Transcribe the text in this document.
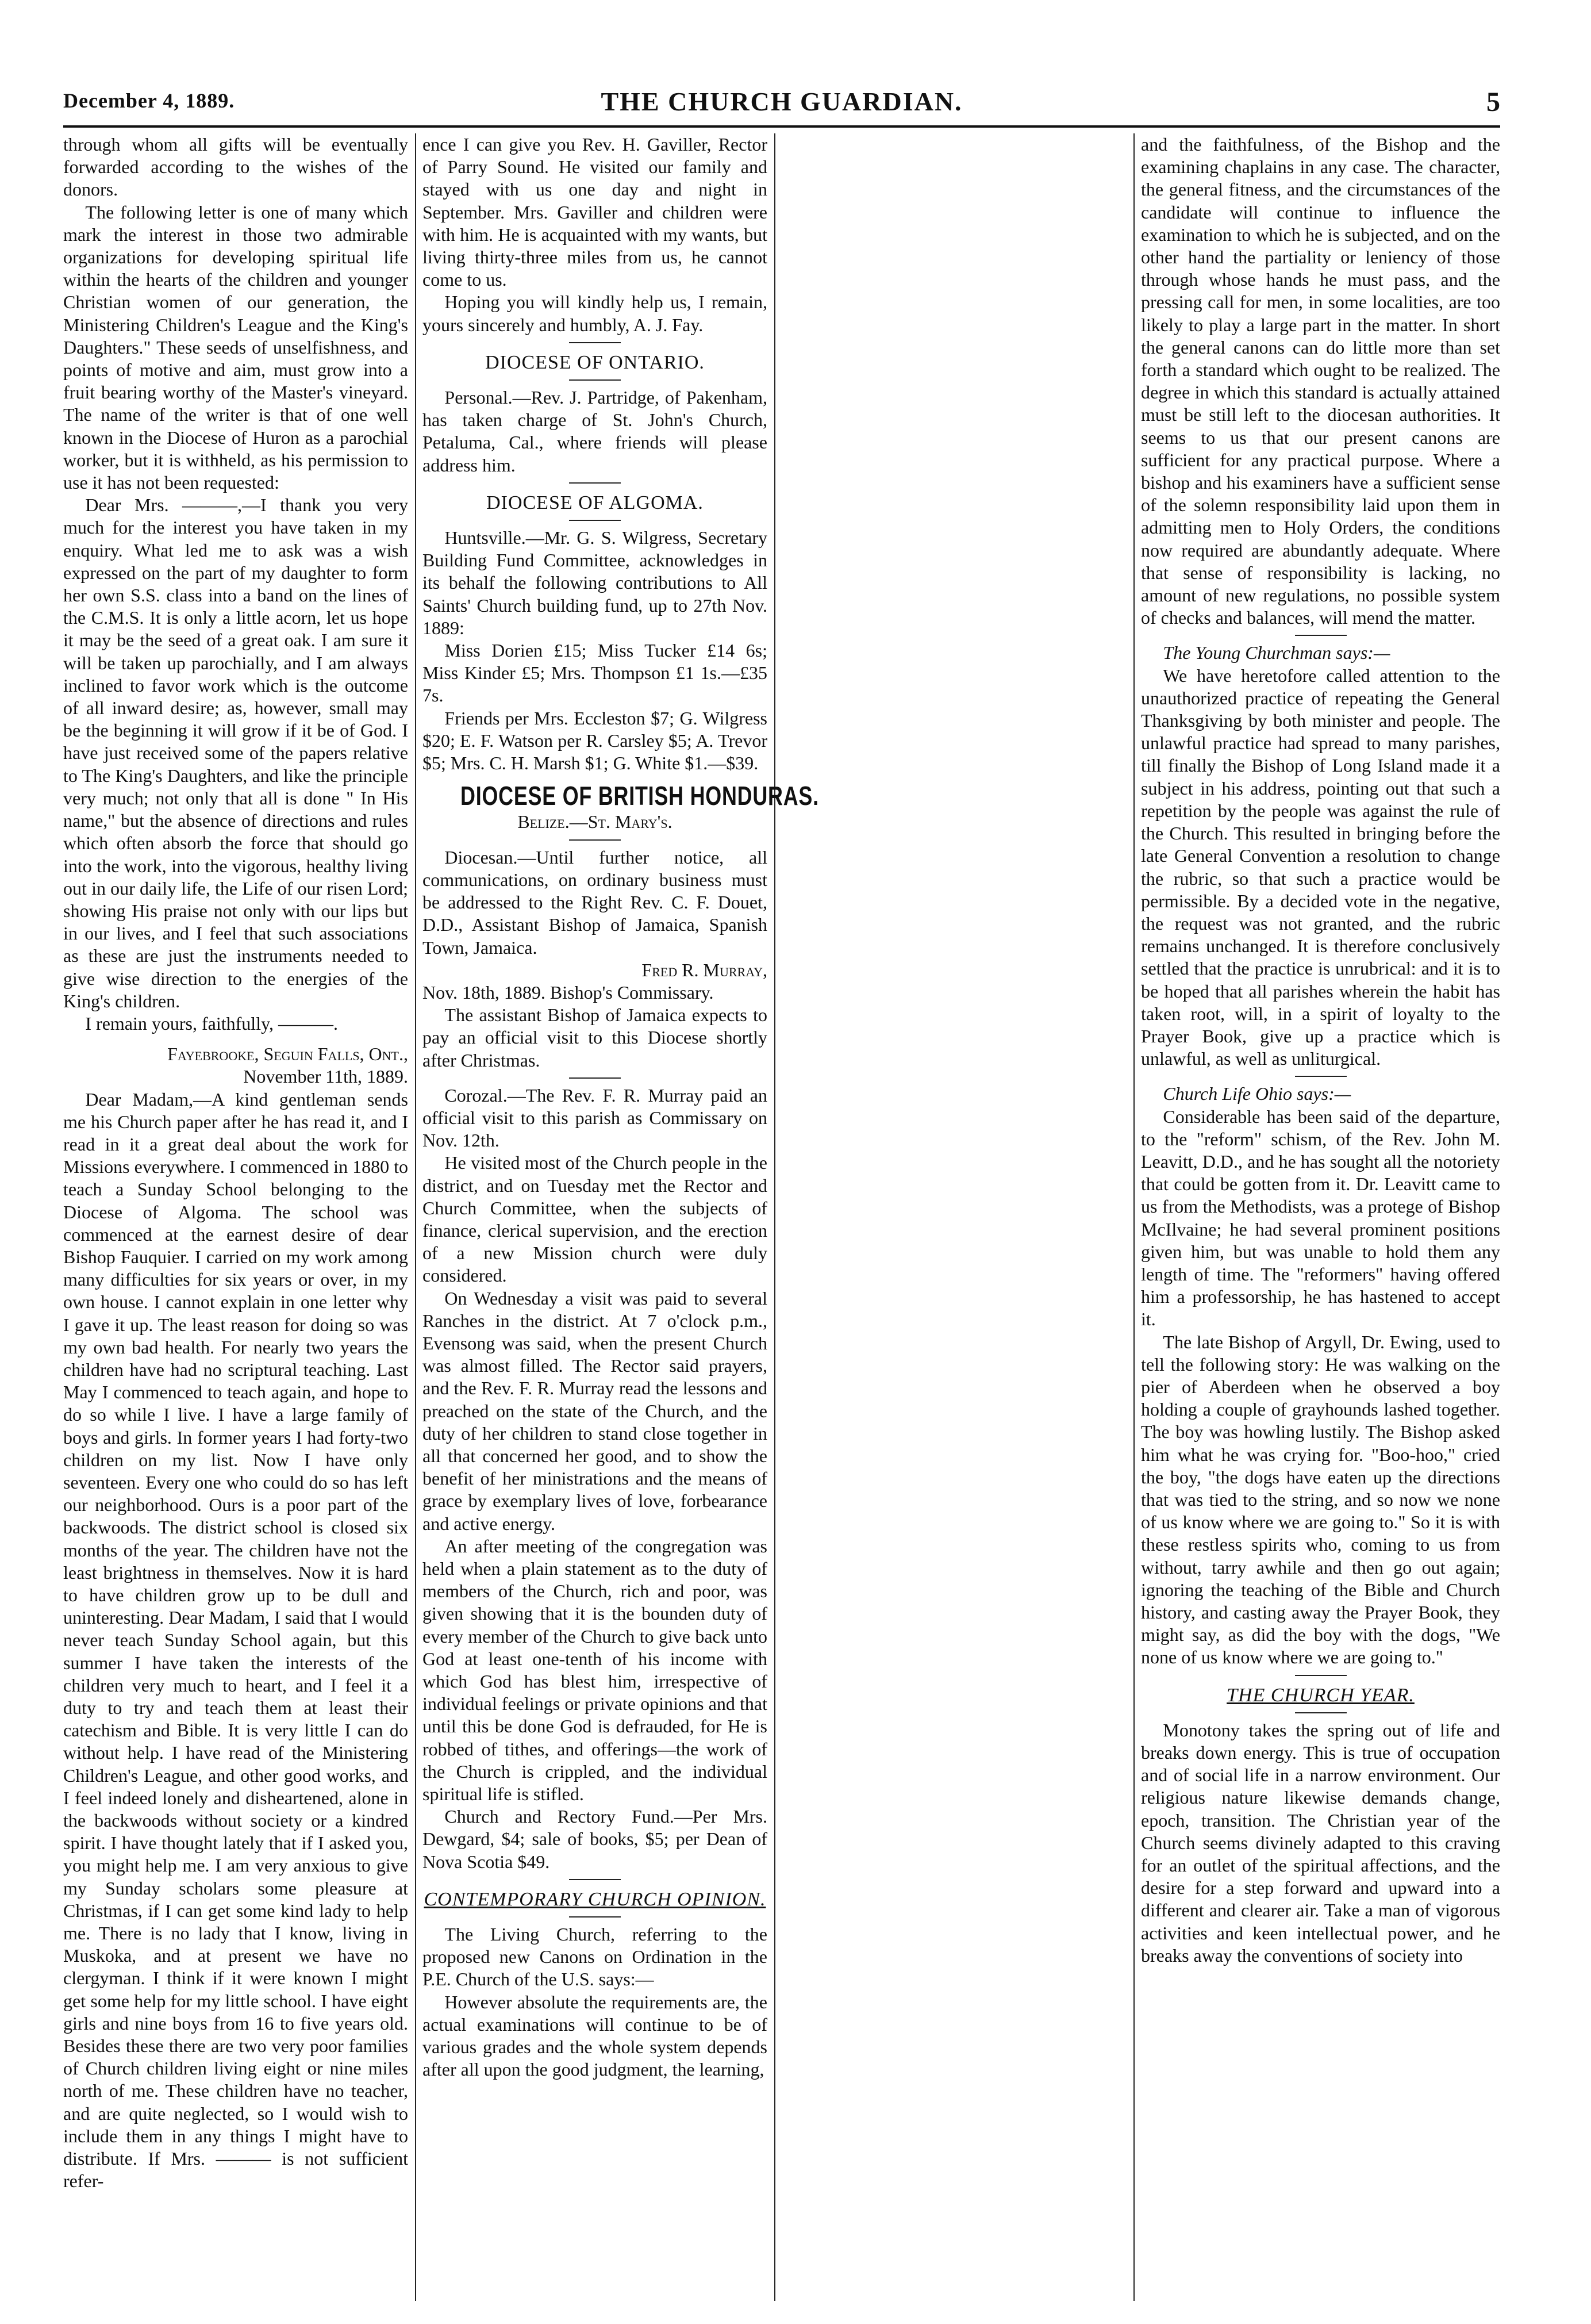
December 4, 1889.	THE CHURCH GUARDIAN.	5

through whom all gifts will be eventually forwarded according to the wishes of the donors.

The following letter is one of many which mark the interest in those two admirable organizations for developing spiritual life within the hearts of the children and younger Christian women of our generation, the Ministering Children's League and the King's Daughters." These seeds of unselfishness, and points of motive and aim, must grow into a fruit bearing worthy of the Master's vineyard. The name of the writer is that of one well known in the Diocese of Huron as a parochial worker, but it is withheld, as his permission to use it has not been requested:

Dear Mrs. ———,—I thank you very much for the interest you have taken in my enquiry. What led me to ask was a wish expressed on the part of my daughter to form her own S.S. class into a band on the lines of the C.M.S. It is only a little acorn, let us hope it may be the seed of a great oak. I am sure it will be taken up parochially, and I am always inclined to favor work which is the outcome of all inward desire; as, however, small may be the beginning it will grow if it be of God. I have just received some of the papers relative to The King's Daughters, and like the principle very much; not only that all is done " In His name," but the absence of directions and rules which often absorb the force that should go into the work, into the vigorous, healthy living out in our daily life, the Life of our risen Lord; showing His praise not only with our lips but in our lives, and I feel that such associations as these are just the instruments needed to give wise direction to the energies of the King's children.

I remain yours, faithfully, ———.

Fayebrooke, Seguin Falls, Ont.,

November 11th, 1889.

Dear Madam,—A kind gentleman sends me his Church paper after he has read it, and I read in it a great deal about the work for Missions everywhere. I commenced in 1880 to teach a Sunday School belonging to the Diocese of Algoma. The school was commenced at the earnest desire of dear Bishop Fauquier. I carried on my work among many difficulties for six years or over, in my own house. I cannot explain in one letter why I gave it up. The least reason for doing so was my own bad health. For nearly two years the children have had no scriptural teaching. Last May I commenced to teach again, and hope to do so while I live. I have a large family of boys and girls. In former years I had forty-two children on my list. Now I have only seventeen. Every one who could do so has left our neighborhood. Ours is a poor part of the backwoods. The district school is closed six months of the year. The children have not the least brightness in themselves. Now it is hard to have children grow up to be dull and uninteresting. Dear Madam, I said that I would never teach Sunday School again, but this summer I have taken the interests of the children very much to heart, and I feel it a duty to try and teach them at least their catechism and Bible. It is very little I can do without help. I have read of the Ministering Children's League, and other good works, and I feel indeed lonely and disheartened, alone in the backwoods without society or a kindred spirit. I have thought lately that if I asked you, you might help me. I am very anxious to give my Sunday scholars some pleasure at Christmas, if I can get some kind lady to help me. There is no lady that I know, living in Muskoka, and at present we have no clergyman. I think if it were known I might get some help for my little school. I have eight girls and nine boys from 16 to five years old. Besides these there are two very poor families of Church children living eight or nine miles north of me. These children have no teacher, and are quite neglected, so I would wish to include them in any things I might have to distribute. If Mrs. ——— is not sufficient refer-

ence I can give you Rev. H. Gaviller, Rector of Parry Sound. He visited our family and stayed with us one day and night in September. Mrs. Gaviller and children were with him. He is acquainted with my wants, but living thirty-three miles from us, he cannot come to us.

Hoping you will kindly help us, I remain, yours sincerely and humbly, A. J. Fay.

DIOCESE OF ONTARIO.

Personal.—Rev. J. Partridge, of Pakenham, has taken charge of St. John's Church, Petaluma, Cal., where friends will please address him.

DIOCESE OF ALGOMA.

Huntsville.—Mr. G. S. Wilgress, Secretary Building Fund Committee, acknowledges in its behalf the following contributions to All Saints' Church building fund, up to 27th Nov. 1889:

Miss Dorien £15; Miss Tucker £14 6s; Miss Kinder £5; Mrs. Thompson £1 1s.—£35 7s.

Friends per Mrs. Eccleston $7; G. Wilgress $20; E. F. Watson per R. Carsley $5; A. Trevor $5; Mrs. C. H. Marsh $1; G. White $1.—$39.

DIOCESE OF BRITISH HONDURAS.

Belize.—St. Mary's.

Diocesan.—Until further notice, all communications, on ordinary business must be addressed to the Right Rev. C. F. Douet, D.D., Assistant Bishop of Jamaica, Spanish Town, Jamaica.

Fred R. Murray,

Nov. 18th, 1889. Bishop's Commissary.

The assistant Bishop of Jamaica expects to pay an official visit to this Diocese shortly after Christmas.

Corozal.—The Rev. F. R. Murray paid an official visit to this parish as Commissary on Nov. 12th.

He visited most of the Church people in the district, and on Tuesday met the Rector and Church Committee, when the subjects of finance, clerical supervision, and the erection of a new Mission church were duly considered.

On Wednesday a visit was paid to several Ranches in the district. At 7 o'clock p.m., Evensong was said, when the present Church was almost filled. The Rector said prayers, and the Rev. F. R. Murray read the lessons and preached on the state of the Church, and the duty of her children to stand close together in all that concerned her good, and to show the benefit of her ministrations and the means of grace by exemplary lives of love, forbearance and active energy.

An after meeting of the congregation was held when a plain statement as to the duty of members of the Church, rich and poor, was given showing that it is the bounden duty of every member of the Church to give back unto God at least one-tenth of his income with which God has blest him, irrespective of individual feelings or private opinions and that until this be done God is defrauded, for He is robbed of tithes, and offerings—the work of the Church is crippled, and the individual spiritual life is stifled.

Church and Rectory Fund.—Per Mrs. Dewgard, $4; sale of books, $5; per Dean of Nova Scotia $49.

CONTEMPORARY CHURCH OPINION.

The Living Church, referring to the proposed new Canons on Ordination in the P.E. Church of the U.S. says:—

However absolute the requirements are, the actual examinations will continue to be of various grades and the whole system depends after all upon the good judgment, the learning,

and the faithfulness, of the Bishop and the examining chaplains in any case. The character, the general fitness, and the circumstances of the candidate will continue to influence the examination to which he is subjected, and on the other hand the partiality or leniency of those through whose hands he must pass, and the pressing call for men, in some localities, are too likely to play a large part in the matter. In short the general canons can do little more than set forth a standard which ought to be realized. The degree in which this standard is actually attained must be still left to the diocesan authorities. It seems to us that our present canons are sufficient for any practical purpose. Where a bishop and his examiners have a sufficient sense of the solemn responsibility laid upon them in admitting men to Holy Orders, the conditions now required are abundantly adequate. Where that sense of responsibility is lacking, no amount of new regulations, no possible system of checks and balances, will mend the matter.

The Young Churchman says:—

We have heretofore called attention to the unauthorized practice of repeating the General Thanksgiving by both minister and people. The unlawful practice had spread to many parishes, till finally the Bishop of Long Island made it a subject in his address, pointing out that such a repetition by the people was against the rule of the Church. This resulted in bringing before the late General Convention a resolution to change the rubric, so that such a practice would be permissible. By a decided vote in the negative, the request was not granted, and the rubric remains unchanged. It is therefore conclusively settled that the practice is unrubrical: and it is to be hoped that all parishes wherein the habit has taken root, will, in a spirit of loyalty to the Prayer Book, give up a practice which is unlawful, as well as unliturgical.

Church Life Ohio says:—

Considerable has been said of the departure, to the "reform" schism, of the Rev. John M. Leavitt, D.D., and he has sought all the notoriety that could be gotten from it. Dr. Leavitt came to us from the Methodists, was a protege of Bishop McIlvaine; he had several prominent positions given him, but was unable to hold them any length of time. The "reformers" having offered him a professorship, he has hastened to accept it.

The late Bishop of Argyll, Dr. Ewing, used to tell the following story: He was walking on the pier of Aberdeen when he observed a boy holding a couple of grayhounds lashed together. The boy was howling lustily. The Bishop asked him what he was crying for. "Boo-hoo," cried the boy, "the dogs have eaten up the directions that was tied to the string, and so now we none of us know where we are going to." So it is with these restless spirits who, coming to us from without, tarry awhile and then go out again; ignoring the teaching of the Bible and Church history, and casting away the Prayer Book, they might say, as did the boy with the dogs, "We none of us know where we are going to."

THE CHURCH YEAR.

Monotony takes the spring out of life and breaks down energy. This is true of occupation and of social life in a narrow environment. Our religious nature likewise demands change, epoch, transition. The Christian year of the Church seems divinely adapted to this craving for an outlet of the spiritual affections, and the desire for a step forward and upward into a different and clearer air. Take a man of vigorous activities and keen intellectual power, and he breaks away the conventions of society into
